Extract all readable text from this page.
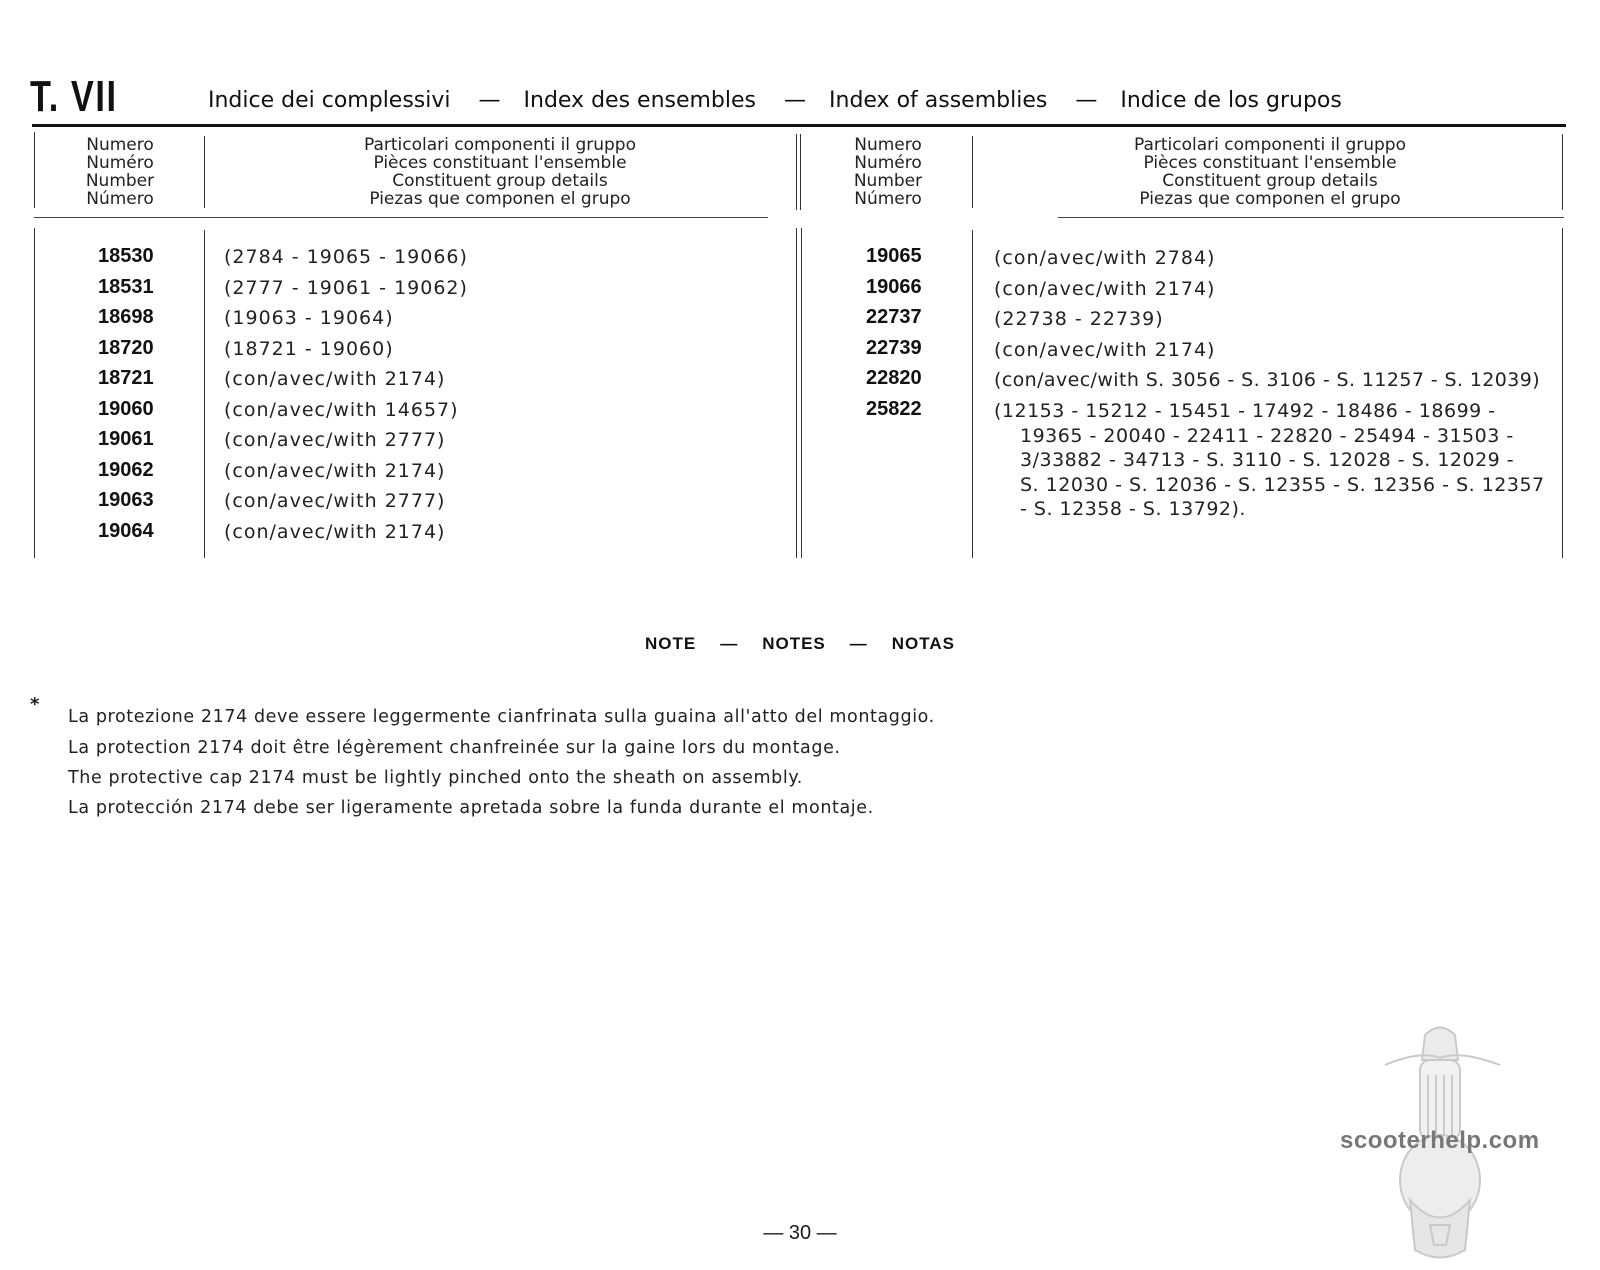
T. VII	Indice dei complessivi — Index des ensembles — Index of assemblies — Indice de los grupos
Numero
Numéro
Number
Número
Particolari componenti il gruppo
Pièces constituant l'ensemble
Constituent group details
Piezas que componen el grupo
Numero
Numéro
Number
Número
Particolari componenti il gruppo
Pièces constituant l'ensemble
Constituent group details
Piezas que componen el grupo
18530	(2784 - 19065 - 19066)
18531	(2777 - 19061 - 19062)
18698	(19063 - 19064)
18720	(18721 - 19060)
18721	(con/avec/with 2174)
19060	(con/avec/with 14657)
19061	(con/avec/with 2777)
19062	(con/avec/with 2174)
19063	(con/avec/with 2777)
19064	(con/avec/with 2174)
19065	(con/avec/with 2784)
19066	(con/avec/with 2174)
22737	(22738 - 22739)
22739	(con/avec/with 2174)
22820	(con/avec/with S. 3056 - S. 3106 - S. 11257 - S. 12039)
25822	(12153 - 15212 - 15451 - 17492 - 18486 - 18699 -
19365 - 20040 - 22411 - 22820 - 25494 - 31503 -
3/33882 - 34713 - S. 3110 - S. 12028 - S. 12029 -
S. 12030 - S. 12036 - S. 12355 - S. 12356 - S. 12357
- S. 12358 - S. 13792).
NOTE — NOTES — NOTAS
*
La protezione 2174 deve essere leggermente cianfrinata sulla guaina all'atto del montaggio.
La protection 2174 doit être légèrement chanfreinée sur la gaine lors du montage.
The protective cap 2174 must be lightly pinched onto the sheath on assembly.
La protección 2174 debe ser ligeramente apretada sobre la funda durante el montaje.
scooterhelp.com
— 30 —
